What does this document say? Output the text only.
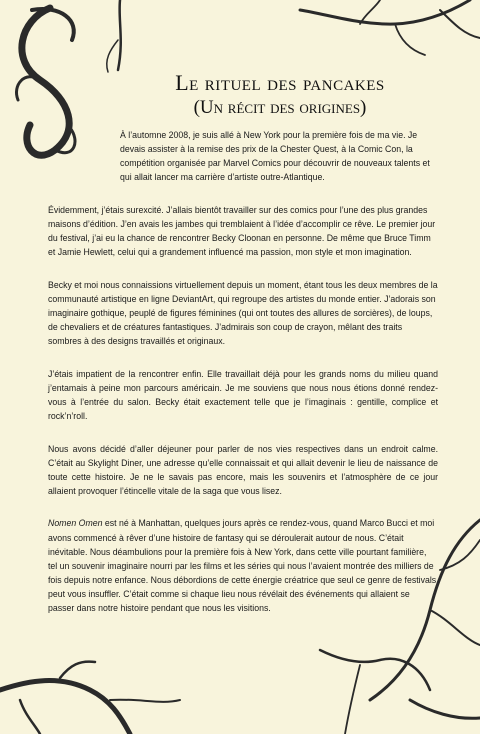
Le rituel des pancakes
(Un récit des origines)

À l’automne 2008, je suis allé à New York pour la première fois de ma vie. Je devais assister à la remise des prix de la Chester Quest, à la Comic Con, la compétition organisée par Marvel Comics pour découvrir de nouveaux talents et qui allait lancer ma carrière d’artiste outre-Atlantique.

Évidemment, j’étais surexcité. J’allais bientôt travailler sur des comics pour l’une des plus grandes maisons d’édition. J’en avais les jambes qui tremblaient à l’idée d’accomplir ce rêve. Le premier jour du festival, j’ai eu la chance de rencontrer Becky Cloonan en personne. De même que Bruce Timm et Jamie Hewlett, celui qui a grandement influencé ma passion, mon style et mon imagination.

Becky et moi nous connaissions virtuellement depuis un moment, étant tous les deux membres de la communauté artistique en ligne DeviantArt, qui regroupe des artistes du monde entier. J’adorais son imaginaire gothique, peuplé de figures féminines (qui ont toutes des allures de sorcières), de loups, de chevaliers et de créatures fantastiques. J’admirais son coup de crayon, mêlant des traits sombres à des designs travaillés et originaux.

J’étais impatient de la rencontrer enfin. Elle travaillait déjà pour les grands noms du milieu quand j’entamais à peine mon parcours américain. Je me souviens que nous nous étions donné rendez-vous à l’entrée du salon. Becky était exactement telle que je l’imaginais : gentille, complice et rock’n’roll.

Nous avons décidé d’aller déjeuner pour parler de nos vies respectives dans un endroit calme. C’était au Skylight Diner, une adresse qu’elle connaissait et qui allait devenir le lieu de naissance de toute cette histoire. Je ne le savais pas encore, mais les souvenirs et l’atmosphère de ce jour allaient provoquer l’étincelle vitale de la saga que vous lisez.

Nomen Omen est né à Manhattan, quelques jours après ce rendez-vous, quand Marco Bucci et moi avons commencé à rêver d’une histoire de fantasy qui se déroulerait autour de nous. C’était inévitable. Nous déambulions pour la première fois à New York, dans cette ville pourtant familière, tel un souvenir imaginaire nourri par les films et les séries qui nous l’avaient montrée des milliers de fois depuis notre enfance. Nous débordions de cette énergie créatrice que seul ce genre de festivals peut vous insuffler. C’était comme si chaque lieu nous révélait des événements qui allaient se passer dans notre histoire pendant que nous les visitions.
